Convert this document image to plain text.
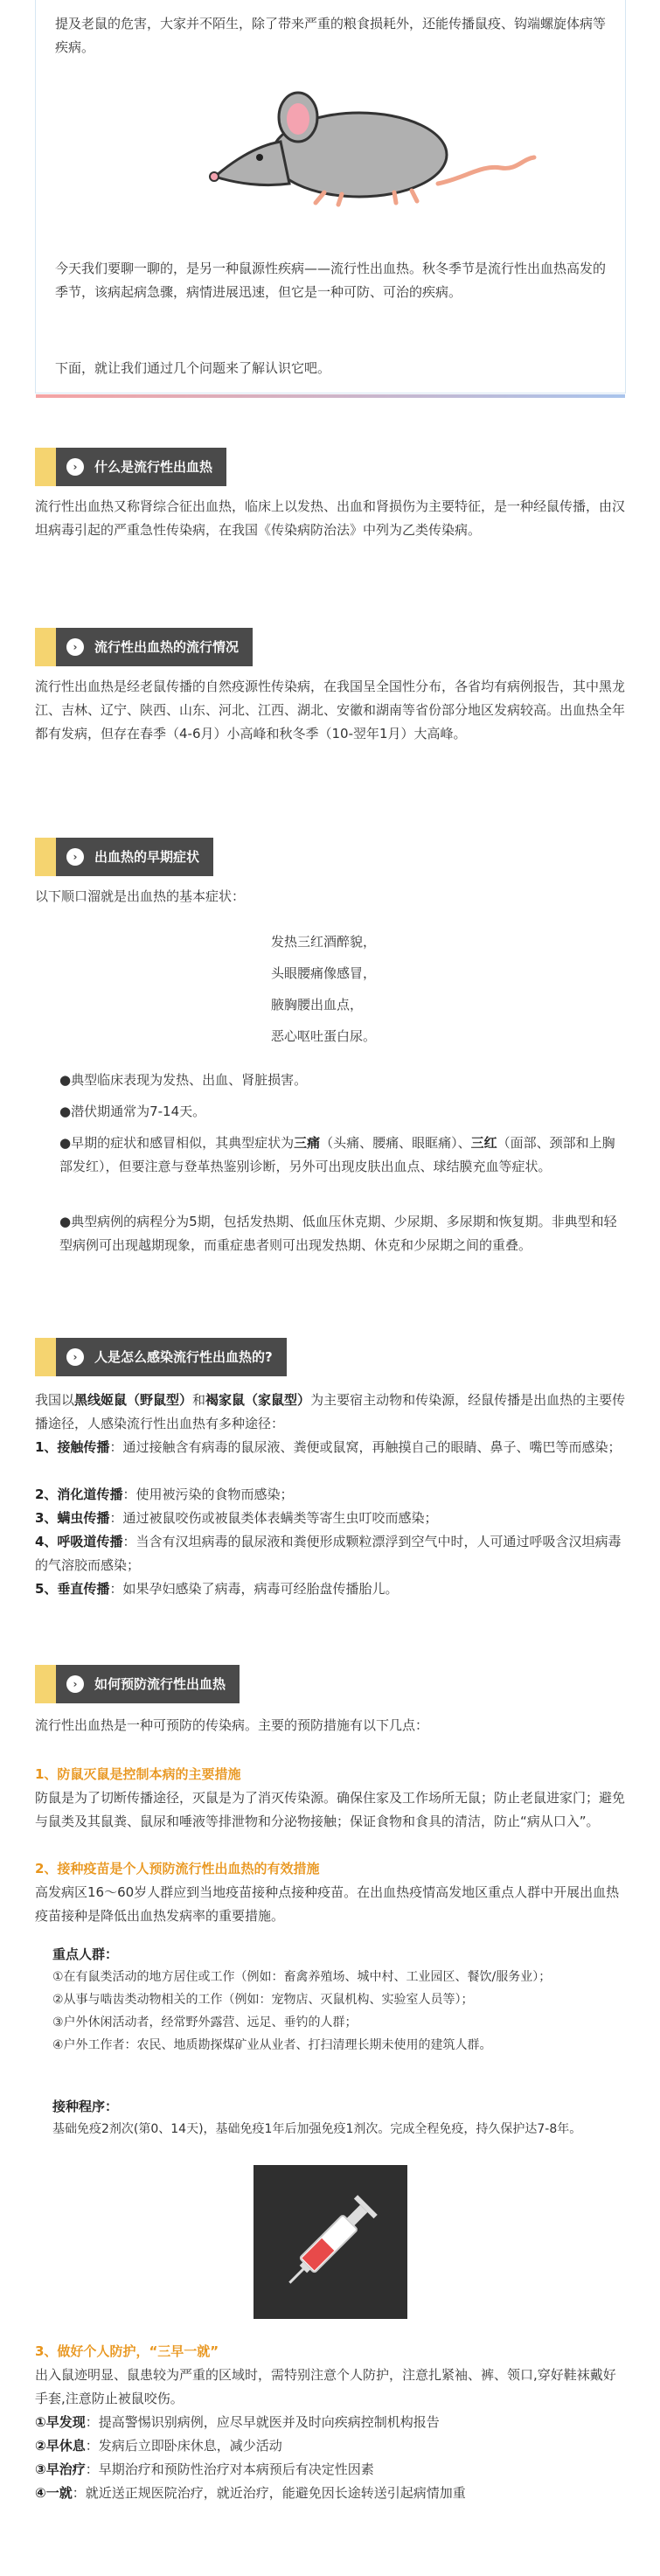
提及老鼠的危害，大家并不陌生，除了带来严重的粮食损耗外，还能传播鼠疫、钩端螺旋体病等疾病。
今天我们要聊一聊的，是另一种鼠源性疾病——流行性出血热。秋冬季节是流行性出血热高发的季节，该病起病急骤，病情进展迅速，但它是一种可防、可治的疾病。
下面，就让我们通过几个问题来了解认识它吧。
›	什么是流行性出血热
流行性出血热又称肾综合征出血热，临床上以发热、出血和肾损伤为主要特征，是一种经鼠传播，由汉坦病毒引起的严重急性传染病，在我国《传染病防治法》中列为乙类传染病。
›	流行性出血热的流行情况
流行性出血热是经老鼠传播的自然疫源性传染病，在我国呈全国性分布，各省均有病例报告，其中黑龙江、吉林、辽宁、陕西、山东、河北、江西、湖北、安徽和湖南等省份部分地区发病较高。出血热全年都有发病，但存在春季（4-6月）小高峰和秋冬季（10-翌年1月）大高峰。
›	出血热的早期症状
以下顺口溜就是出血热的基本症状：
发热三红酒醉貌，
头眼腰痛像感冒，
腋胸腰出血点，
恶心呕吐蛋白尿。
●典型临床表现为发热、出血、肾脏损害。
●潜伏期通常为7-14天。
●早期的症状和感冒相似，其典型症状为三痛（头痛、腰痛、眼眶痛）、三红（面部、颈部和上胸部发红），但要注意与登革热鉴别诊断，另外可出现皮肤出血点、球结膜充血等症状。
●典型病例的病程分为5期，包括发热期、低血压休克期、少尿期、多尿期和恢复期。非典型和轻型病例可出现越期现象，而重症患者则可出现发热期、休克和少尿期之间的重叠。
›	人是怎么感染流行性出血热的?
我国以黑线姬鼠（野鼠型）和褐家鼠（家鼠型）为主要宿主动物和传染源，经鼠传播是出血热的主要传播途径，人感染流行性出血热有多种途径：
1、接触传播：通过接触含有病毒的鼠尿液、粪便或鼠窝，再触摸自己的眼睛、鼻子、嘴巴等而感染；
2、消化道传播：使用被污染的食物而感染；
3、螨虫传播：通过被鼠咬伤或被鼠类体表螨类等寄生虫叮咬而感染；
4、呼吸道传播：当含有汉坦病毒的鼠尿液和粪便形成颗粒漂浮到空气中时，人可通过呼吸含汉坦病毒的气溶胶而感染；
5、垂直传播：如果孕妇感染了病毒，病毒可经胎盘传播胎儿。
›	如何预防流行性出血热
流行性出血热是一种可预防的传染病。主要的预防措施有以下几点：
1、防鼠灭鼠是控制本病的主要措施
防鼠是为了切断传播途径，灭鼠是为了消灭传染源。确保住家及工作场所无鼠；防止老鼠进家门；避免与鼠类及其鼠粪、鼠尿和唾液等排泄物和分泌物接触；保证食物和食具的清洁，防止“病从口入”。
2、接种疫苗是个人预防流行性出血热的有效措施
高发病区16～60岁人群应到当地疫苗接种点接种疫苗。在出血热疫情高发地区重点人群中开展出血热疫苗接种是降低出血热发病率的重要措施。
重点人群：
①在有鼠类活动的地方居住或工作（例如：畜禽养殖场、城中村、工业园区、餐饮/服务业）；
②从事与啮齿类动物相关的工作（例如：宠物店、灭鼠机构、实验室人员等）；
③户外休闲活动者，经常野外露营、远足、垂钓的人群；
④户外工作者：农民、地质勘探煤矿业从业者、打扫清理长期未使用的建筑人群。
接种程序：
基础免疫2剂次(第0、14天)，基础免疫1年后加强免疫1剂次。完成全程免疫，持久保护达7-8年。
3、做好个人防护，“三早一就”
出入鼠迹明显、鼠患较为严重的区域时，需特别注意个人防护，注意扎紧袖、裤、领口,穿好鞋袜戴好手套,注意防止被鼠咬伤。
①早发现：提高警惕识别病例，应尽早就医并及时向疾病控制机构报告
②早休息：发病后立即卧床休息，减少活动
③早治疗：早期治疗和预防性治疗对本病预后有决定性因素
④一就：就近送正规医院治疗，就近治疗，能避免因长途转送引起病情加重
